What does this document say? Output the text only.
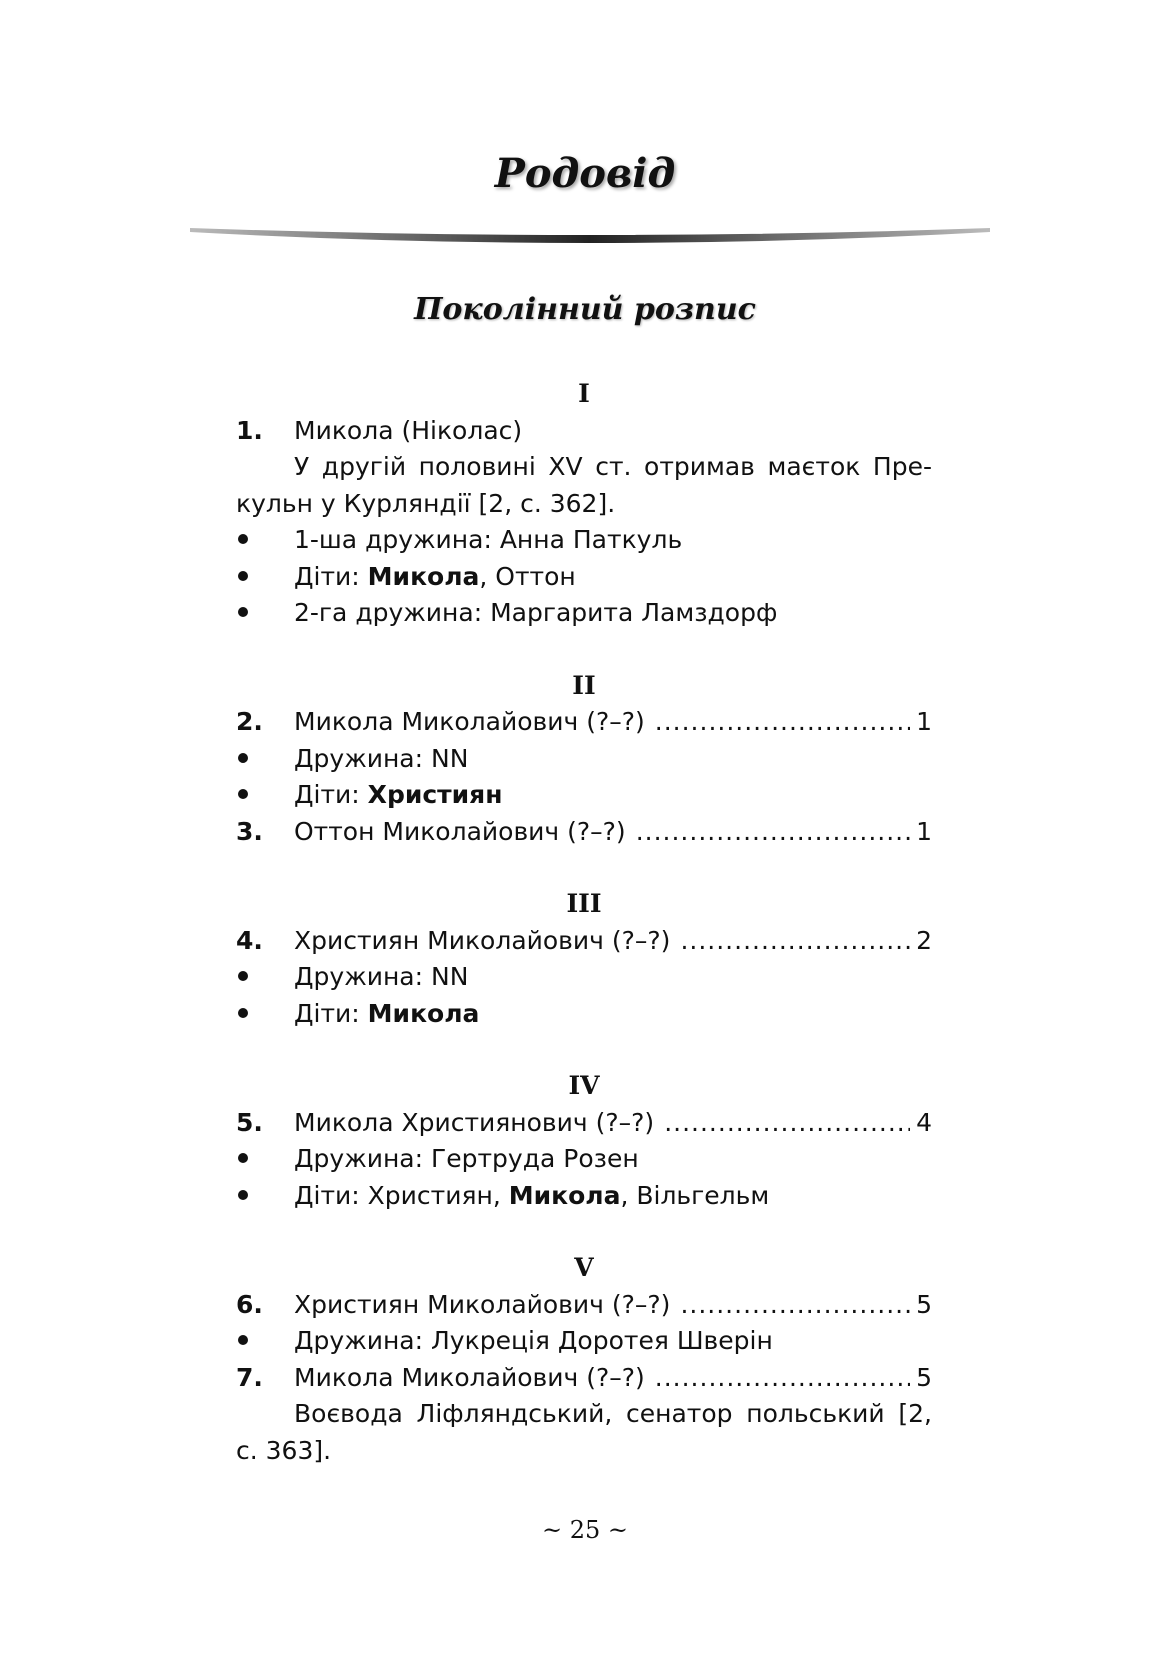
Родовід
Поколінний розпис
I
1.	Микола (Ніколас)
У другій половині XV ст. отримав маєток Прекульн у Курляндії [2, с. 362].
1-ша дружина: Анна Паткуль
Діти: Микола, Оттон
2-га дружина: Маргарита Ламздорф
II
2.	Микола Миколайович (?–?) .....	1
Дружина: NN
Діти: Християн
3.	Оттон Миколайович (?–?) .....	1
III
4.	Християн Миколайович (?–?) .....	2
Дружина: NN
Діти: Микола
IV
5.	Микола Християнович (?–?) .....	4
Дружина: Гертруда Розен
Діти: Християн, Микола, Вільгельм
V
6.	Християн Миколайович (?–?) .....	5
Дружина: Лукреція Доротея Шверін
7.	Микола Миколайович (?–?) .....	5
Воєвода Ліфляндський, сенатор польський [2, с. 363].
~ 25 ~
